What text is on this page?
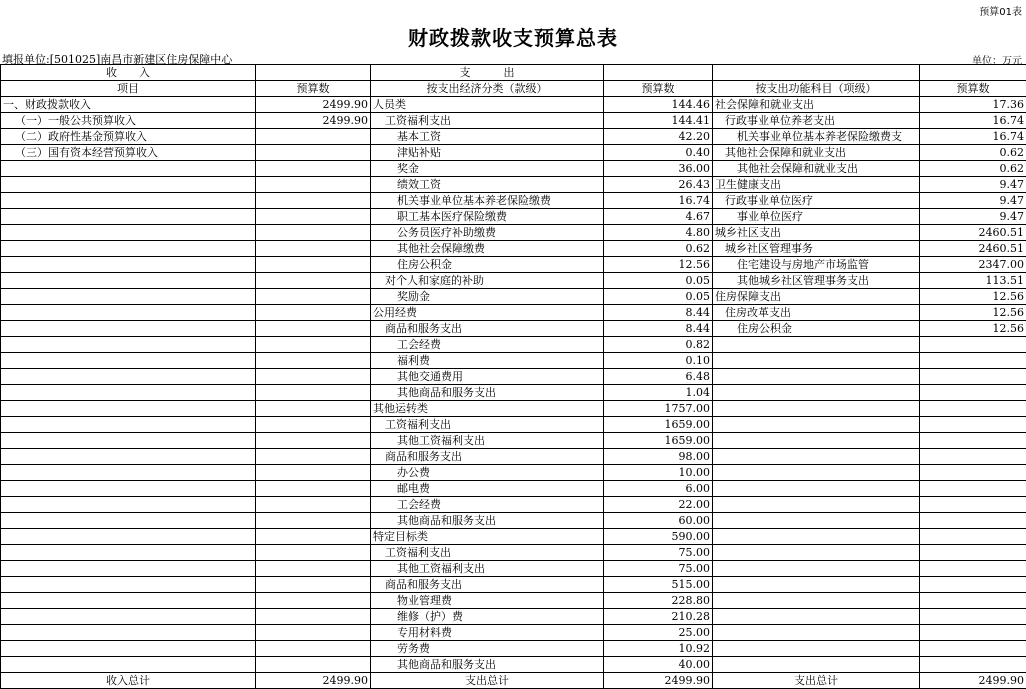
预算01表
财政拨款收支预算总表
填报单位:[501025]南昌市新建区住房保障中心	单位：万元
收　　入		支　　　出			
项目	预算数	按支出经济分类（款级）	预算数	按支出功能科目（项级）	预算数
一、财政拨款收入	2499.90	人员类	144.46	社会保障和就业支出	17.36
（一）一般公共预算收入	2499.90	工资福利支出	144.41	行政事业单位养老支出	16.74
（二）政府性基金预算收入		基本工资	42.20	机关事业单位基本养老保险缴费支	16.74
（三）国有资本经营预算收入		津贴补贴	0.40	其他社会保障和就业支出	0.62
		奖金	36.00	其他社会保障和就业支出	0.62
		绩效工资	26.43	卫生健康支出	9.47
		机关事业单位基本养老保险缴费	16.74	行政事业单位医疗	9.47
		职工基本医疗保险缴费	4.67	事业单位医疗	9.47
		公务员医疗补助缴费	4.80	城乡社区支出	2460.51
		其他社会保障缴费	0.62	城乡社区管理事务	2460.51
		住房公积金	12.56	住宅建设与房地产市场监管	2347.00
		对个人和家庭的补助	0.05	其他城乡社区管理事务支出	113.51
		奖励金	0.05	住房保障支出	12.56
		公用经费	8.44	住房改革支出	12.56
		商品和服务支出	8.44	住房公积金	12.56
		工会经费	0.82		
		福利费	0.10		
		其他交通费用	6.48		
		其他商品和服务支出	1.04		
		其他运转类	1757.00		
		工资福利支出	1659.00		
		其他工资福利支出	1659.00		
		商品和服务支出	98.00		
		办公费	10.00		
		邮电费	6.00		
		工会经费	22.00		
		其他商品和服务支出	60.00		
		特定目标类	590.00		
		工资福利支出	75.00		
		其他工资福利支出	75.00		
		商品和服务支出	515.00		
		物业管理费	228.80		
		维修（护）费	210.28		
		专用材料费	25.00		
		劳务费	10.92		
		其他商品和服务支出	40.00		
收入总计	2499.90	支出总计	2499.90	支出总计	2499.90
